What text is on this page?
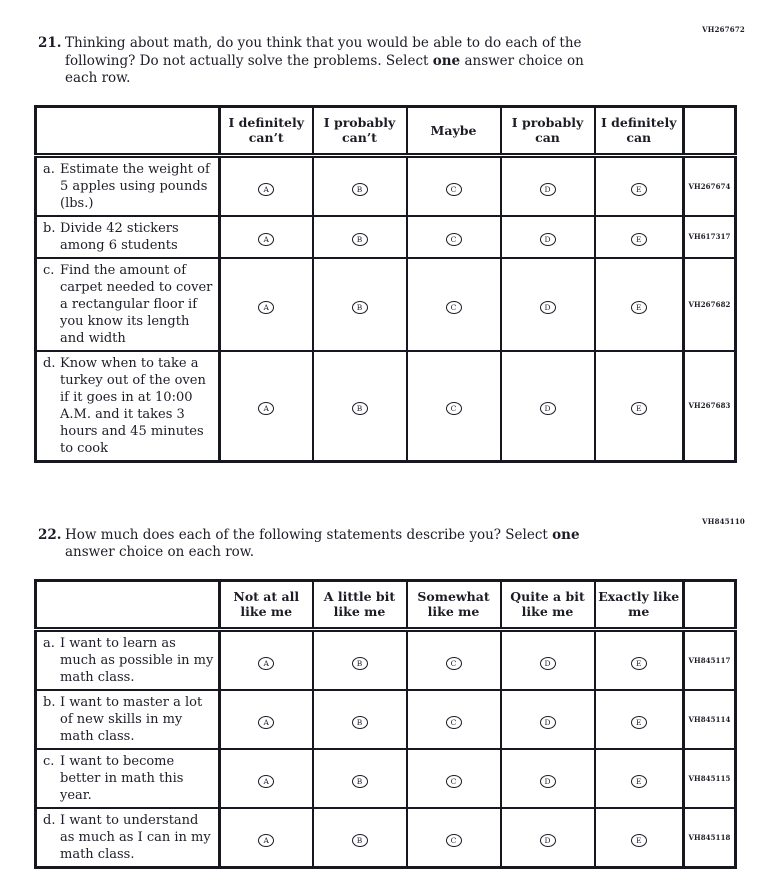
VH267672
21. Thinking about math, do you think that you would be able to do each of the following? Do not actually solve the problems. Select one answer choice on each row.
	I definitely can’t	I probably can’t	Maybe	I probably can	I definitely can	

a. Estimate the weight of 5 apples using pounds (lbs.)	A	B	C	D	E	VH267674

b. Divide 42 stickers among 6 students	A	B	C	D	E	VH617317

c. Find the amount of carpet needed to cover a rectangular floor if you know its length and width	A	B	C	D	E	VH267682

d. Know when to take a turkey out of the oven if it goes in at 10:00 A.M. and it takes 3 hours and 45 minutes to cook	A	B	C	D	E	VH267683
VH845110
22. How much does each of the following statements describe you? Select one answer choice on each row.
	Not at all like me	A little bit like me	Somewhat like me	Quite a bit like me	Exactly like me	

a. I want to learn as much as possible in my math class.	A	B	C	D	E	VH845117

b. I want to master a lot of new skills in my math class.	A	B	C	D	E	VH845114

c. I want to become better in math this year.	A	B	C	D	E	VH845115

d. I want to understand as much as I can in my math class.	A	B	C	D	E	VH845118
